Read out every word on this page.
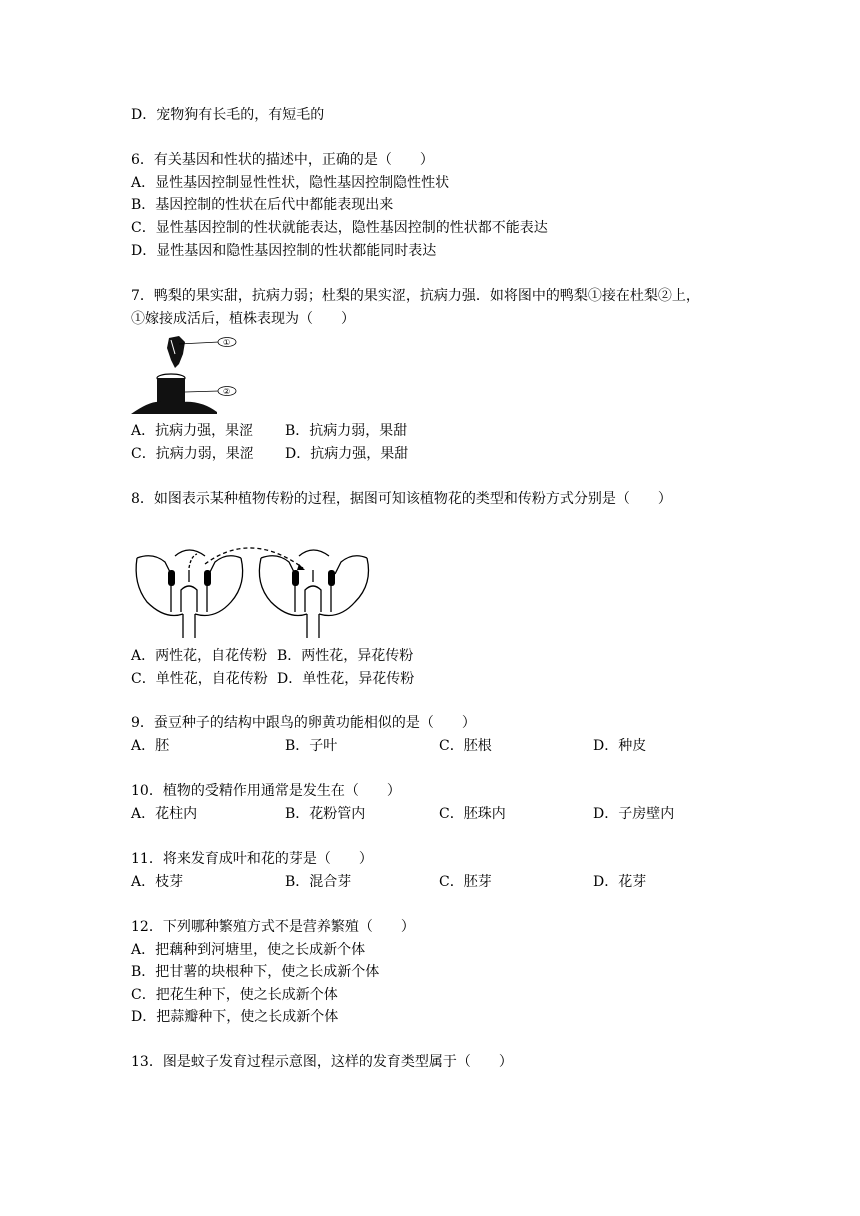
D．宠物狗有长毛的，有短毛的
6．有关基因和性状的描述中，正确的是（　　）
A．显性基因控制显性性状，隐性基因控制隐性性状
B．基因控制的性状在后代中都能表现出来
C．显性基因控制的性状就能表达，隐性基因控制的性状都不能表达
D．显性基因和隐性基因控制的性状都能同时表达
7．鸭梨的果实甜，抗病力弱；杜梨的果实涩，抗病力强．如将图中的鸭梨①接在杜梨②上，
①嫁接成活后，植株表现为（　　）
①
②
A．抗病力强，果涩 B．抗病力弱，果甜
C．抗病力弱，果涩 D．抗病力强，果甜
8．如图表示某种植物传粉的过程，据图可知该植物花的类型和传粉方式分别是（　　）
A．两性花，自花传粉 B．两性花，异花传粉
C．单性花，自花传粉 D．单性花，异花传粉
9．蚕豆种子的结构中跟鸟的卵黄功能相似的是（　　）
A．胚	B．子叶	C．胚根	D．种皮
10．植物的受精作用通常是发生在（　　）
A．花柱内	B．花粉管内	C．胚珠内	D．子房壁内
11．将来发育成叶和花的芽是（　　）
A．枝芽	B．混合芽	C．胚芽	D．花芽
12．下列哪种繁殖方式不是营养繁殖（　　）
A．把藕种到河塘里，使之长成新个体
B．把甘薯的块根种下，使之长成新个体
C．把花生种下，使之长成新个体
D．把蒜瓣种下，使之长成新个体
13．图是蚊子发育过程示意图，这样的发育类型属于（　　）
